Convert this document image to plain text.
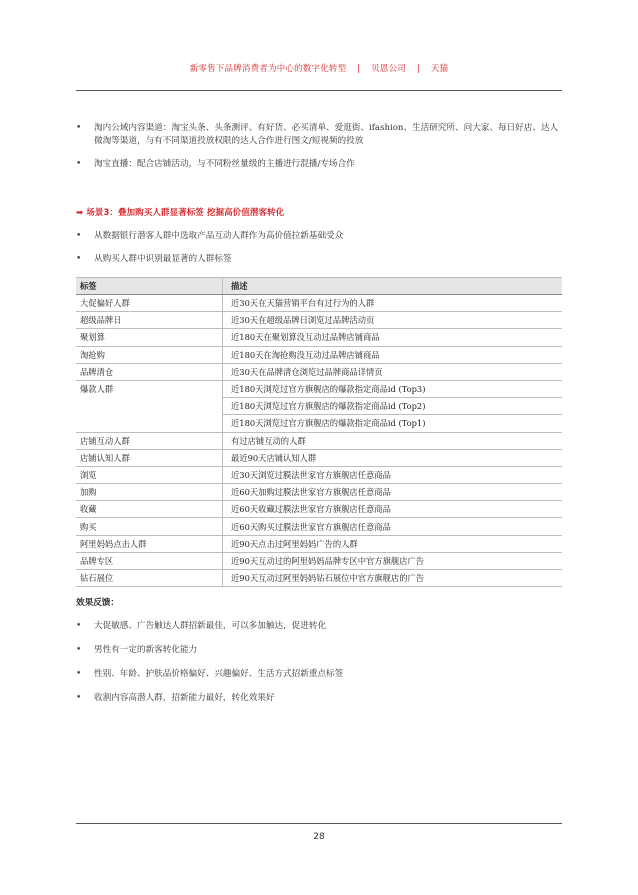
新零售下品牌消费者为中心的数字化转型 | 贝恩公司 | 天猫
• 淘内公域内容渠道：淘宝头条、头条测评、有好货、必买清单、爱逛街、ifashion、生活研究所、问大家、每日好店、达人微淘等渠道，与有不同渠道投放权限的达人合作进行图文/短视频的投放
• 淘宝直播：配合店铺活动，与不同粉丝量级的主播进行混播/专场合作
➡ 场景3：叠加购买人群显著标签 挖掘高价值潜客转化
• 从数据银行潜客人群中选取产品互动人群作为高价值拉新基础受众
• 从购买人群中识别最显著的人群标签
标签	描述
大促偏好人群	近30天在天猫营销平台有过行为的人群
超级品牌日	近30天在超级品牌日浏览过品牌活动页
聚划算	近180天在聚划算没互动过品牌店铺商品
淘抢购	近180天在淘抢购没互动过品牌店铺商品
品牌清仓	近30天在品牌清仓浏览过品牌商品详情页
爆款人群	近180天浏览过官方旗舰店的爆款指定商品id (Top3)
	近180天浏览过官方旗舰店的爆款指定商品id (Top2)
	近180天浏览过官方旗舰店的爆款指定商品id (Top1)
店铺互动人群	有过店铺互动的人群
店铺认知人群	最近90天店铺认知人群
浏览	近30天浏览过膜法世家官方旗舰店任意商品
加购	近60天加购过膜法世家官方旗舰店任意商品
收藏	近60天收藏过膜法世家官方旗舰店任意商品
购买	近60天购买过膜法世家官方旗舰店任意商品
阿里妈妈点击人群	近90天点击过阿里妈妈广告的人群
品牌专区	近90天互动过的阿里妈妈品牌专区中官方旗舰店广告
钻石展位	近90天互动过阿里妈妈钻石展位中官方旗舰店的广告
效果反馈：
• 大促敏感、广告触达人群招新最佳，可以多加触达，促进转化
• 男性有一定的新客转化能力
• 性别、年龄、护肤品价格偏好、兴趣偏好、生活方式招新重点标签
• 收割内容高潜人群，招新能力最好，转化效果好
28
